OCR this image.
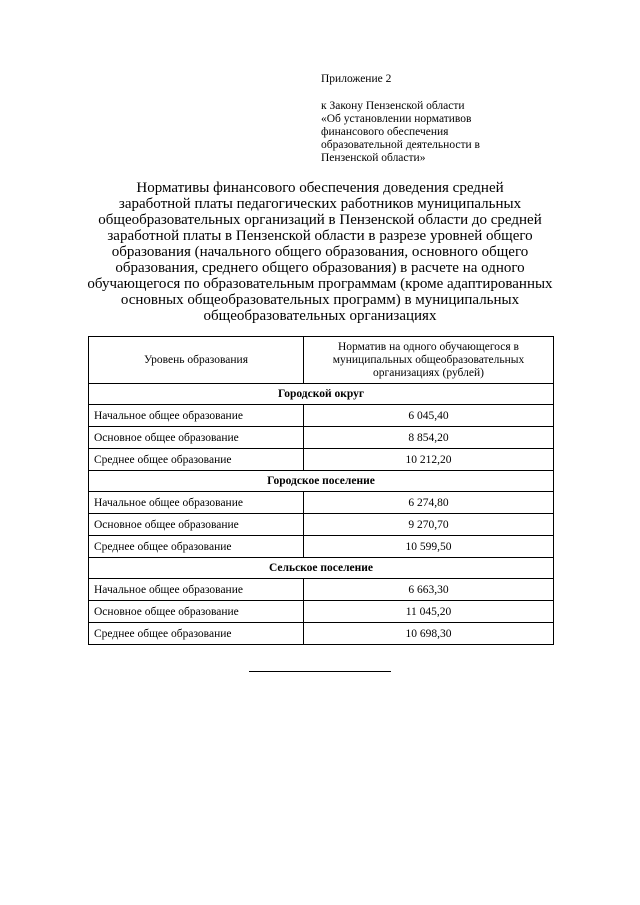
Приложение 2
к Закону Пензенской области
«Об установлении нормативов
финансового обеспечения
образовательной деятельности в
Пензенской области»
Нормативы финансового обеспечения доведения средней
заработной платы педагогических работников муниципальных
общеобразовательных организаций в Пензенской области до средней
заработной платы в Пензенской области в разрезе уровней общего
образования (начального общего образования, основного общего
образования, среднего общего образования) в расчете на одного
обучающегося по образовательным программам (кроме адаптированных
основных общеобразовательных программ) в муниципальных
общеобразовательных организациях
Уровень образования	Норматив на одного обучающегося в
муниципальных общеобразовательных
организациях (рублей)

Городской округ	
Начальное общее образование	6 045,40
Основное общее образование	8 854,20
Среднее общее образование	10 212,20
Городское поселение	
Начальное общее образование	6 274,80
Основное общее образование	9 270,70
Среднее общее образование	10 599,50
Сельское поселение	
Начальное общее образование	6 663,30
Основное общее образование	11 045,20
Среднее общее образование	10 698,30
